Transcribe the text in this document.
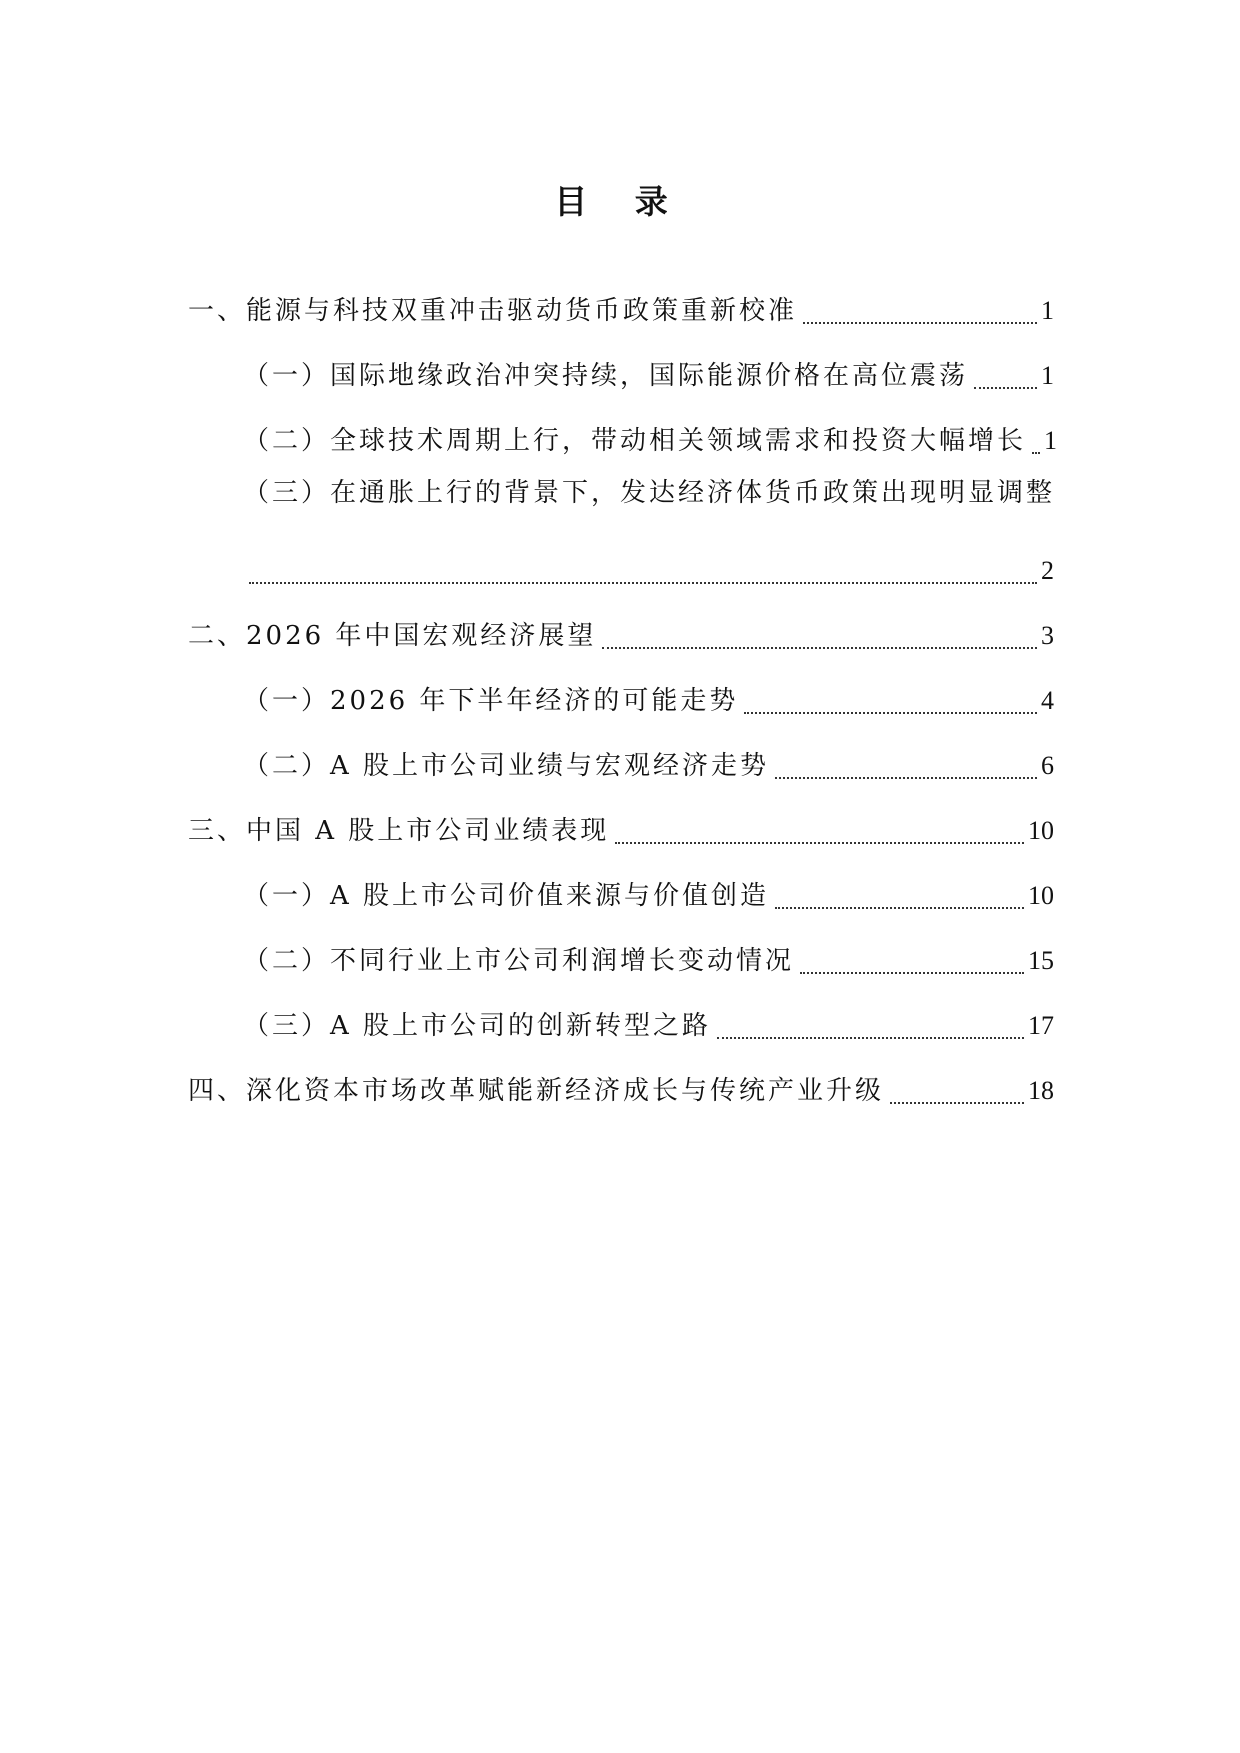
目 录
一、能源与科技双重冲击驱动货币政策重新校准	1
（一）国际地缘政治冲突持续，国际能源价格在高位震荡	1
（二）全球技术周期上行，带动相关领域需求和投资大幅增长 1
（三）在通胀上行的背景下，发达经济体货币政策出现明显调整
2
二、2026 年中国宏观经济展望	3
（一）2026 年下半年经济的可能走势	4
（二）A 股上市公司业绩与宏观经济走势	6
三、中国 A 股上市公司业绩表现	10
（一）A 股上市公司价值来源与价值创造	10
（二）不同行业上市公司利润增长变动情况	15
（三）A 股上市公司的创新转型之路	17
四、深化资本市场改革赋能新经济成长与传统产业升级	18
